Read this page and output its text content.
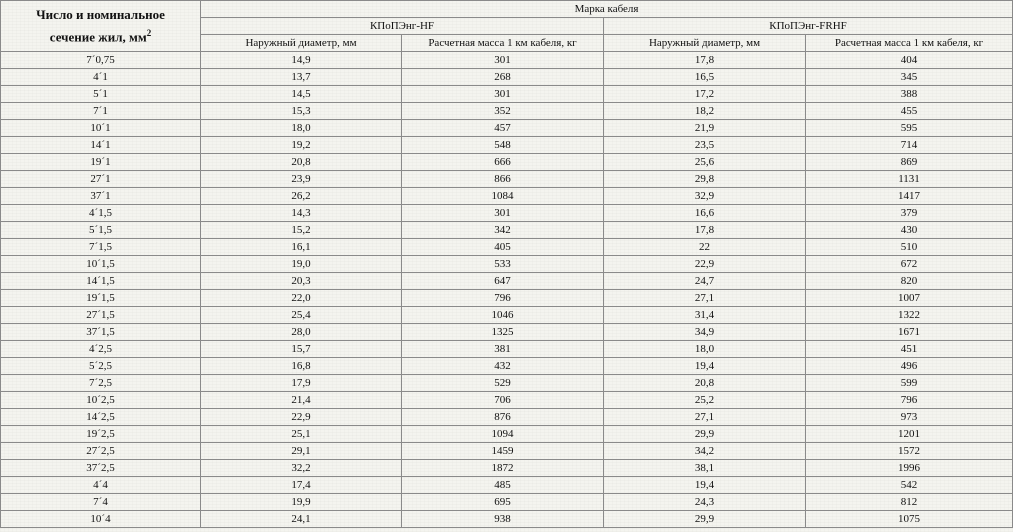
Число и номинальное
сечение жил, $мм^2$	Марка кабеля			
	КПоПЭнг-HF		КПоПЭнг-FRHF	
	Наружный диаметр, мм	Расчетная масса 1 км кабеля, кг	Наружный диаметр, мм	Расчетная масса 1 км кабеля, кг
7´0,75	14,9	301	17,8	404
4´1	13,7	268	16,5	345
5´1	14,5	301	17,2	388
7´1	15,3	352	18,2	455
10´1	18,0	457	21,9	595
14´1	19,2	548	23,5	714
19´1	20,8	666	25,6	869
27´1	23,9	866	29,8	1131
37´1	26,2	1084	32,9	1417
4´1,5	14,3	301	16,6	379
5´1,5	15,2	342	17,8	430
7´1,5	16,1	405	22	510
10´1,5	19,0	533	22,9	672
14´1,5	20,3	647	24,7	820
19´1,5	22,0	796	27,1	1007
27´1,5	25,4	1046	31,4	1322
37´1,5	28,0	1325	34,9	1671
4´2,5	15,7	381	18,0	451
5´2,5	16,8	432	19,4	496
7´2,5	17,9	529	20,8	599
10´2,5	21,4	706	25,2	796
14´2,5	22,9	876	27,1	973
19´2,5	25,1	1094	29,9	1201
27´2,5	29,1	1459	34,2	1572
37´2,5	32,2	1872	38,1	1996
4´4	17,4	485	19,4	542
7´4	19,9	695	24,3	812
10´4	24,1	938	29,9	1075
